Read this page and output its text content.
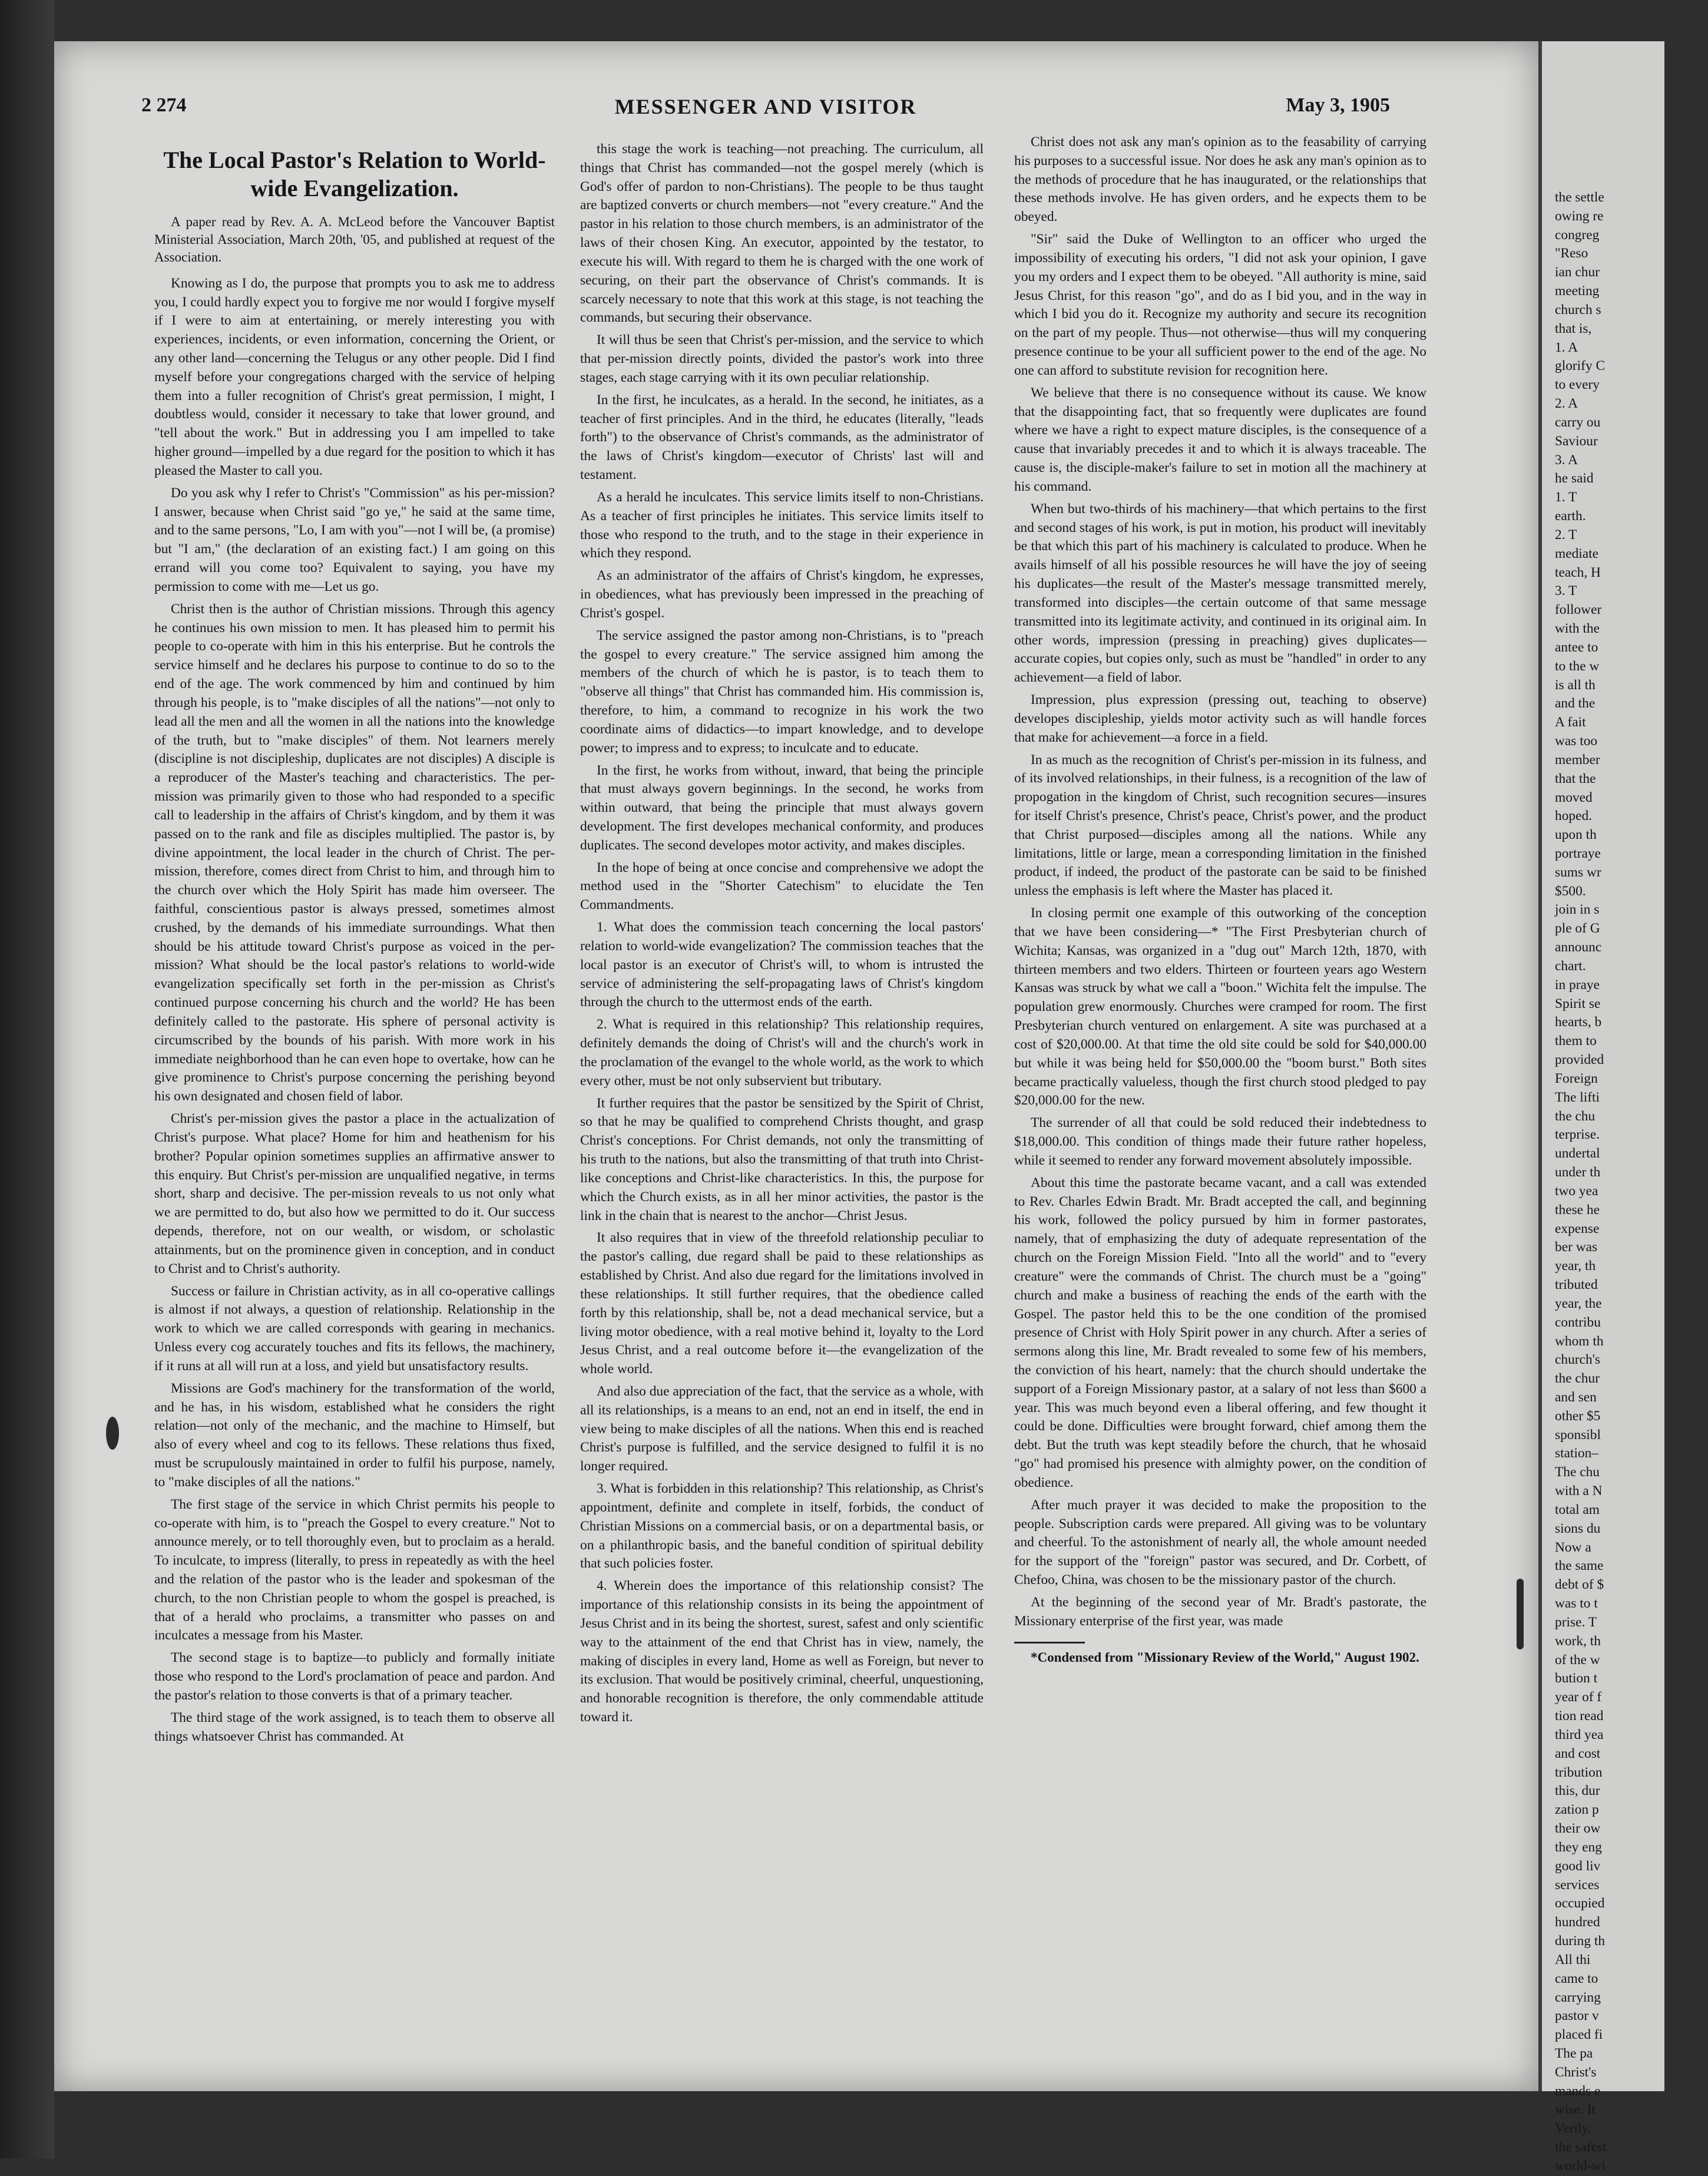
2 274	MESSENGER AND VISITOR	May 3, 1905
The Local Pastor's Relation to World-wide Evangelization.

A paper read by Rev. A. A. McLeod before the Vancouver Baptist Ministerial Association, March 20th, '05, and published at request of the Association.

Knowing as I do, the purpose that prompts you to ask me to address you, I could hardly expect you to forgive me nor would I forgive myself if I were to aim at entertaining, or merely interesting you with experiences, incidents, or even information, concerning the Orient, or any other land—concerning the Telugus or any other people. Did I find myself before your congregations charged with the service of helping them into a fuller recognition of Christ's great permission, I might, I doubtless would, consider it necessary to take that lower ground, and "tell about the work." But in addressing you I am impelled to take higher ground—impelled by a due regard for the position to which it has pleased the Master to call you.

Do you ask why I refer to Christ's "Commission" as his per-mission? I answer, because when Christ said "go ye," he said at the same time, and to the same persons, "Lo, I am with you"—not I will be, (a promise) but "I am," (the declaration of an existing fact.) I am going on this errand will you come too? Equivalent to saying, you have my permission to come with me—Let us go.

Christ then is the author of Christian missions. Through this agency he continues his own mission to men. It has pleased him to permit his people to co-operate with him in this his enterprise. But he controls the service himself and he declares his purpose to continue to do so to the end of the age. The work commenced by him and continued by him through his people, is to "make disciples of all the nations"—not only to lead all the men and all the women in all the nations into the knowledge of the truth, but to "make disciples" of them. Not learners merely (discipline is not discipleship, duplicates are not disciples) A disciple is a reproducer of the Master's teaching and characteristics. The per-mission was primarily given to those who had responded to a specific call to leadership in the affairs of Christ's kingdom, and by them it was passed on to the rank and file as disciples multiplied. The pastor is, by divine appointment, the local leader in the church of Christ. The per-mission, therefore, comes direct from Christ to him, and through him to the church over which the Holy Spirit has made him overseer. The faithful, conscientious pastor is always pressed, sometimes almost crushed, by the demands of his immediate surroundings. What then should be his attitude toward Christ's purpose as voiced in the per-mission? What should be the local pastor's relations to world-wide evangelization specifically set forth in the per-mission as Christ's continued purpose concerning his church and the world? He has been definitely called to the pastorate. His sphere of personal activity is circumscribed by the bounds of his parish. With more work in his immediate neighborhood than he can even hope to overtake, how can he give prominence to Christ's purpose concerning the perishing beyond his own designated and chosen field of labor.

Christ's per-mission gives the pastor a place in the actualization of Christ's purpose. What place? Home for him and heathenism for his brother? Popular opinion sometimes supplies an affirmative answer to this enquiry. But Christ's per-mission are unqualified negative, in terms short, sharp and decisive. The per-mission reveals to us not only what we are permitted to do, but also how we permitted to do it. Our success depends, therefore, not on our wealth, or wisdom, or scholastic attainments, but on the prominence given in conception, and in conduct to Christ and to Christ's authority.

Success or failure in Christian activity, as in all co-operative callings is almost if not always, a question of relationship. Relationship in the work to which we are called corresponds with gearing in mechanics. Unless every cog accurately touches and fits its fellows, the machinery, if it runs at all will run at a loss, and yield but unsatisfactory results.

Missions are God's machinery for the transformation of the world, and he has, in his wisdom, established what he considers the right relation—not only of the mechanic, and the machine to Himself, but also of every wheel and cog to its fellows. These relations thus fixed, must be scrupulously maintained in order to fulfil his purpose, namely, to "make disciples of all the nations."

The first stage of the service in which Christ permits his people to co-operate with him, is to "preach the Gospel to every creature." Not to announce merely, or to tell thoroughly even, but to proclaim as a herald. To inculcate, to impress (literally, to press in repeatedly as with the heel and the relation of the pastor who is the leader and spokesman of the church, to the non Christian people to whom the gospel is preached, is that of a herald who proclaims, a transmitter who passes on and inculcates a message from his Master.

The second stage is to baptize—to publicly and formally initiate those who respond to the Lord's proclamation of peace and pardon. And the pastor's relation to those converts is that of a primary teacher.

The third stage of the work assigned, is to teach them to observe all things whatsoever Christ has commanded. At

this stage the work is teaching—not preaching. The curriculum, all things that Christ has commanded—not the gospel merely (which is God's offer of pardon to non-Christians). The people to be thus taught are baptized converts or church members—not "every creature." And the pastor in his relation to those church members, is an administrator of the laws of their chosen King. An executor, appointed by the testator, to execute his will. With regard to them he is charged with the one work of securing, on their part the observance of Christ's commands. It is scarcely necessary to note that this work at this stage, is not teaching the commands, but securing their observance.

It will thus be seen that Christ's per-mission, and the service to which that per-mission directly points, divided the pastor's work into three stages, each stage carrying with it its own peculiar relationship.

In the first, he inculcates, as a herald. In the second, he initiates, as a teacher of first principles. And in the third, he educates (literally, "leads forth") to the observance of Christ's commands, as the administrator of the laws of Christ's kingdom—executor of Christs' last will and testament.

As a herald he inculcates. This service limits itself to non-Christians. As a teacher of first principles he initiates. This service limits itself to those who respond to the truth, and to the stage in their experience in which they respond.

As an administrator of the affairs of Christ's kingdom, he expresses, in obediences, what has previously been impressed in the preaching of Christ's gospel.

The service assigned the pastor among non-Christians, is to "preach the gospel to every creature." The service assigned him among the members of the church of which he is pastor, is to teach them to "observe all things" that Christ has commanded him. His commission is, therefore, to him, a command to recognize in his work the two coordinate aims of didactics—to impart knowledge, and to develope power; to impress and to express; to inculcate and to educate.

In the first, he works from without, inward, that being the principle that must always govern beginnings. In the second, he works from within outward, that being the principle that must always govern development. The first developes mechanical conformity, and produces duplicates. The second developes motor activity, and makes disciples.

In the hope of being at once concise and comprehensive we adopt the method used in the "Shorter Catechism" to elucidate the Ten Commandments.

1. What does the commission teach concerning the local pastors' relation to world-wide evangelization? The commission teaches that the local pastor is an executor of Christ's will, to whom is intrusted the service of administering the self-propagating laws of Christ's kingdom through the church to the uttermost ends of the earth.

2. What is required in this relationship? This relationship requires, definitely demands the doing of Christ's will and the church's work in the proclamation of the evangel to the whole world, as the work to which every other, must be not only subservient but tributary.

It further requires that the pastor be sensitized by the Spirit of Christ, so that he may be qualified to comprehend Christs thought, and grasp Christ's conceptions. For Christ demands, not only the transmitting of his truth to the nations, but also the transmitting of that truth into Christ-like conceptions and Christ-like characteristics. In this, the purpose for which the Church exists, as in all her minor activities, the pastor is the link in the chain that is nearest to the anchor—Christ Jesus.

It also requires that in view of the threefold relationship peculiar to the pastor's calling, due regard shall be paid to these relationships as established by Christ. And also due regard for the limitations involved in these relationships. It still further requires, that the obedience called forth by this relationship, shall be, not a dead mechanical service, but a living motor obedience, with a real motive behind it, loyalty to the Lord Jesus Christ, and a real outcome before it—the evangelization of the whole world.

And also due appreciation of the fact, that the service as a whole, with all its relationships, is a means to an end, not an end in itself, the end in view being to make disciples of all the nations. When this end is reached Christ's purpose is fulfilled, and the service designed to fulfil it is no longer required.

3. What is forbidden in this relationship? This relationship, as Christ's appointment, definite and complete in itself, forbids, the conduct of Christian Missions on a commercial basis, or on a departmental basis, or on a philanthropic basis, and the baneful condition of spiritual debility that such policies foster.

4. Wherein does the importance of this relationship consist? The importance of this relationship consists in its being the appointment of Jesus Christ and in its being the shortest, surest, safest and only scientific way to the attainment of the end that Christ has in view, namely, the making of disciples in every land, Home as well as Foreign, but never to its exclusion. That would be positively criminal, cheerful, unquestioning, and honorable recognition is therefore, the only commendable attitude toward it.

Christ does not ask any man's opinion as to the feasability of carrying his purposes to a successful issue. Nor does he ask any man's opinion as to the methods of procedure that he has inaugurated, or the relationships that these methods involve. He has given orders, and he expects them to be obeyed.

"Sir" said the Duke of Wellington to an officer who urged the impossibility of executing his orders, "I did not ask your opinion, I gave you my orders and I expect them to be obeyed. "All authority is mine, said Jesus Christ, for this reason "go", and do as I bid you, and in the way in which I bid you do it. Recognize my authority and secure its recognition on the part of my people. Thus—not otherwise—thus will my conquering presence continue to be your all sufficient power to the end of the age. No one can afford to substitute revision for recognition here.

We believe that there is no consequence without its cause. We know that the disappointing fact, that so frequently were duplicates are found where we have a right to expect mature disciples, is the consequence of a cause that invariably precedes it and to which it is always traceable. The cause is, the disciple-maker's failure to set in motion all the machinery at his command.

When but two-thirds of his machinery—that which pertains to the first and second stages of his work, is put in motion, his product will inevitably be that which this part of his machinery is calculated to produce. When he avails himself of all his possible resources he will have the joy of seeing his duplicates—the result of the Master's message transmitted merely, transformed into disciples—the certain outcome of that same message transmitted into its legitimate activity, and continued in its original aim. In other words, impression (pressing in preaching) gives duplicates—accurate copies, but copies only, such as must be "handled" in order to any achievement—a field of labor.

Impression, plus expression (pressing out, teaching to observe) developes discipleship, yields motor activity such as will handle forces that make for achievement—a force in a field.

In as much as the recognition of Christ's per-mission in its fulness, and of its involved relationships, in their fulness, is a recognition of the law of propogation in the kingdom of Christ, such recognition secures—insures for itself Christ's presence, Christ's peace, Christ's power, and the product that Christ purposed—disciples among all the nations. While any limitations, little or large, mean a corresponding limitation in the finished product, if indeed, the product of the pastorate can be said to be finished unless the emphasis is left where the Master has placed it.

In closing permit one example of this outworking of the conception that we have been considering—* "The First Presbyterian church of Wichita; Kansas, was organized in a "dug out" March 12th, 1870, with thirteen members and two elders. Thirteen or fourteen years ago Western Kansas was struck by what we call a "boon." Wichita felt the impulse. The population grew enormously. Churches were cramped for room. The first Presbyterian church ventured on enlargement. A site was purchased at a cost of $20,000.00. At that time the old site could be sold for $40,000.00 but while it was being held for $50,000.00 the "boom burst." Both sites became practically valueless, though the first church stood pledged to pay $20,000.00 for the new.

The surrender of all that could be sold reduced their indebtedness to $18,000.00. This condition of things made their future rather hopeless, while it seemed to render any forward movement absolutely impossible.

About this time the pastorate became vacant, and a call was extended to Rev. Charles Edwin Bradt. Mr. Bradt accepted the call, and beginning his work, followed the policy pursued by him in former pastorates, namely, that of emphasizing the duty of adequate representation of the church on the Foreign Mission Field. "Into all the world" and to "every creature" were the commands of Christ. The church must be a "going" church and make a business of reaching the ends of the earth with the Gospel. The pastor held this to be the one condition of the promised presence of Christ with Holy Spirit power in any church. After a series of sermons along this line, Mr. Bradt revealed to some few of his members, the conviction of his heart, namely: that the church should undertake the support of a Foreign Missionary pastor, at a salary of not less than $600 a year. This was much beyond even a liberal offering, and few thought it could be done. Difficulties were brought forward, chief among them the debt. But the truth was kept steadily before the church, that he whosaid "go" had promised his presence with almighty power, on the condition of obedience.

After much prayer it was decided to make the proposition to the people. Subscription cards were prepared. All giving was to be voluntary and cheerful. To the astonishment of nearly all, the whole amount needed for the support of the "foreign" pastor was secured, and Dr. Corbett, of Chefoo, China, was chosen to be the missionary pastor of the church.

At the beginning of the second year of Mr. Bradt's pastorate, the Missionary enterprise of the first year, was made

*Condensed from "Missionary Review of the World," August 1902.

the settle
owing re
congreg
"Reso
ian chur
meeting
church s
that is,
1. A
glorify C
to every
2. A
carry ou
Saviour
3. A
he said
1. T
earth.
2. T
mediate
teach, H
3. T
follower
with the
antee to
to the w
is all th
and the
A fait
was too
member
that the
moved
hoped.
upon th
portraye
sums wr
$500.
join in s
ple of G
announc
chart.
in praye
Spirit se
hearts, b
them to
provided
Foreign
The lifti
the chu
terprise.
undertal
under th
two yea
these he
expense
ber was
year, th
tributed
year, the
contribu
whom th
church's
the chur
and sen
other $5
sponsibl
station–
The chu
with a N
total am
sions du
Now a
the same
debt of $
was to t
prise. T
work, th
of the w
bution t
year of f
tion read
third yea
and cost
tribution
this, dur
zation p
their ow
they eng
good liv
services
occupied
hundred
during th
All thi
came to
carrying
pastor v
placed fi
The pa
Christ's
mands e
wise. It
Verily,
the safest
world-wi
